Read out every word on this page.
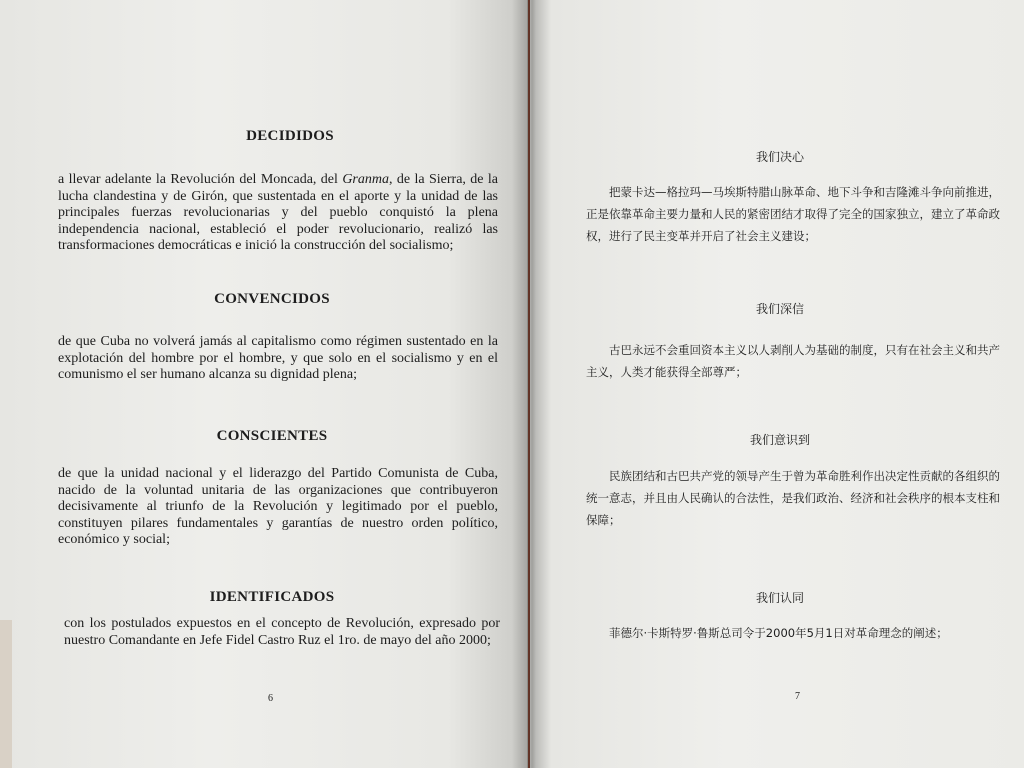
DECIDIDOS

a llevar adelante la Revolución del Moncada, del Granma, de la Sierra, de la lucha clandestina y de Girón, que sustentada en el aporte y la unidad de las principales fuerzas revolucionarias y del pueblo conquistó la plena independencia nacional, estableció el poder revolucionario, realizó las transformaciones democráticas e inició la construcción del socialismo;

CONVENCIDOS

de que Cuba no volverá jamás al capitalismo como régimen sustentado en la explotación del hombre por el hombre, y que solo en el socialismo y en el comunismo el ser humano alcanza su dignidad plena;

CONSCIENTES

de que la unidad nacional y el liderazgo del Partido Comunista de Cuba, nacido de la voluntad unitaria de las organizaciones que contribuyeron decisivamente al triunfo de la Revolución y legitimado por el pueblo, constituyen pilares fundamentales y garantías de nuestro orden político, económico y social;

IDENTIFICADOS

con los postulados expuestos en el concepto de Revolución, expresado por nuestro Comandante en Jefe Fidel Castro Ruz el 1ro. de mayo del año 2000;

6
我们决心

把蒙卡达—格拉玛—马埃斯特腊山脉革命、地下斗争和吉隆滩斗争向前推进，正是依靠革命主要力量和人民的紧密团结才取得了完全的国家独立，建立了革命政权，进行了民主变革并开启了社会主义建设；

我们深信

古巴永远不会重回资本主义以人剥削人为基础的制度，只有在社会主义和共产主义，人类才能获得全部尊严；

我们意识到

民族团结和古巴共产党的领导产生于曾为革命胜利作出决定性贡献的各组织的统一意志，并且由人民确认的合法性，是我们政治、经济和社会秩序的根本支柱和保障；

我们认同

菲德尔·卡斯特罗·鲁斯总司令于2000年5月1日对革命理念的阐述；

7
